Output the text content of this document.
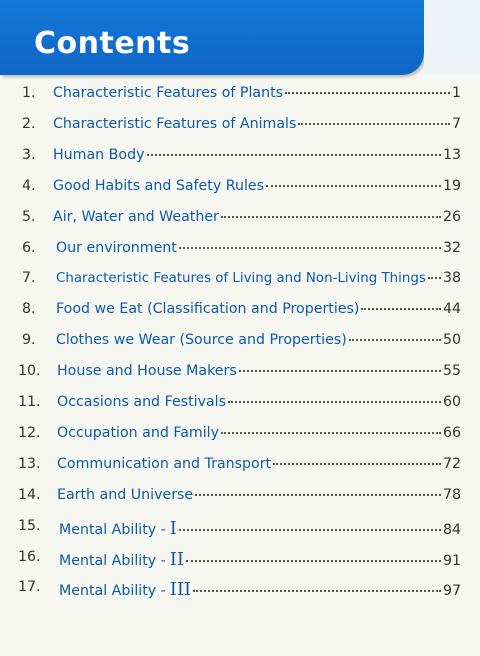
Contents
1.	Characteristic Features of Plants	1
2.	Characteristic Features of Animals	7
3.	Human Body	13
4.	Good Habits and Safety Rules	19
5.	Air, Water and Weather	26
6.	Our environment	32
7.	Characteristic Features of Living and Non-Living Things 38
8.	Food we Eat (Classification and Properties)	44
9.	Clothes we Wear (Source and Properties)	50
10.	House and House Makers	55
11.	Occasions and Festivals	60
12.	Occupation and Family	66
13.	Communication and Transport	72
14.	Earth and Universe	78
15.	Mental Ability - I	84
16.	Mental Ability - II	91
17.	Mental Ability - III	97
